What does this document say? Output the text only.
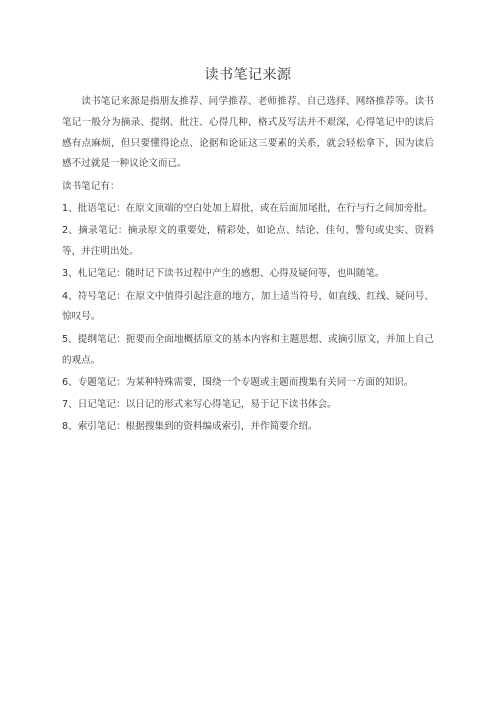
读书笔记来源

读书笔记来源是指朋友推荐、同学推荐、老师推荐、自己选择、网络推荐等。读书笔记一般分为摘录、提纲、批注、心得几种，格式及写法并不艰深，心得笔记中的读后感有点麻烦，但只要懂得论点、论据和论证这三要素的关系，就会轻松拿下，因为读后感不过就是一种议论文而已。

读书笔记有：

1、批语笔记：在原文顶端的空白处加上眉批，或在后面加尾批，在行与行之间加旁批。

2、摘录笔记：摘录原文的重要处，精彩处，如论点、结论、佳句、警句或史实、资料等，并注明出处。

3、札记笔记：随时记下读书过程中产生的感想、心得及疑问等，也叫随笔。

4、符号笔记：在原文中值得引起注意的地方，加上适当符号，如直线、红线、疑问号、惊叹号。

5、提纲笔记：扼要而全面地概括原文的基本内容和主题思想、或摘引原文，并加上自己的观点。

6、专题笔记：为某种特殊需要，围绕一个专题或主题而搜集有关同一方面的知识。

7、日记笔记：以日记的形式来写心得笔记，易于记下读书体会。

8、索引笔记：根据搜集到的资料编成索引，并作简要介绍。
